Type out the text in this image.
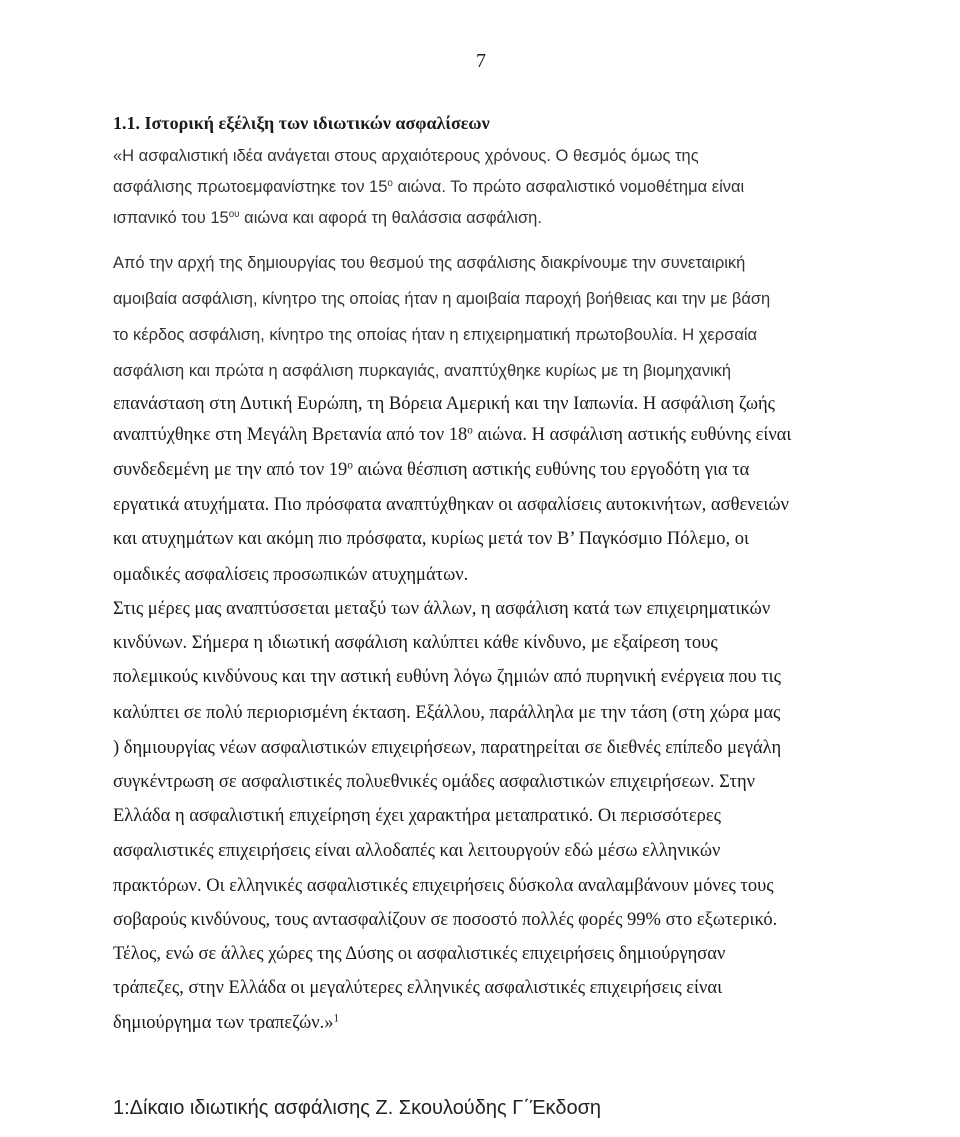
7
1.1. Ιστορική εξέλιξη των ιδιωτικών ασφαλίσεων
«Η ασφαλιστική ιδέα ανάγεται στους αρχαιότερους χρόνους. Ο θεσμός όμως της
ασφάλισης πρωτοεμφανίστηκε τον $15^o$ αιώνα. Το πρώτο ασφαλιστικό νομοθέτημα είναι
ισπανικό του $15^{o\upsilon}$ αιώνα και αφορά τη θαλάσσια ασφάλιση.
Από την αρχή της δημιουργίας του θεσμού της ασφάλισης διακρίνουμε την συνεταιρική
αμοιβαία ασφάλιση, κίνητρο της οποίας ήταν η αμοιβαία παροχή βοήθειας και την με βάση
το κέρδος ασφάλιση, κίνητρο της οποίας ήταν η επιχειρηματική πρωτοβουλία. Η χερσαία
ασφάλιση και πρώτα η ασφάλιση πυρκαγιάς, αναπτύχθηκε κυρίως με τη βιομηχανική
επανάσταση στη Δυτική Ευρώπη, τη Βόρεια Αμερική και την Ιαπωνία. Η ασφάλιση ζωής
αναπτύχθηκε στη Μεγάλη Βρετανία από τον $18^o$ αιώνα. Η ασφάλιση αστικής ευθύνης είναι
συνδεδεμένη με την από τον $19^o$ αιώνα θέσπιση αστικής ευθύνης του εργοδότη για τα
εργατικά ατυχήματα. Πιο πρόσφατα αναπτύχθηκαν οι ασφαλίσεις αυτοκινήτων, ασθενειών
και ατυχημάτων και ακόμη πιο πρόσφατα, κυρίως μετά τον Β’ Παγκόσμιο Πόλεμο, οι
ομαδικές ασφαλίσεις προσωπικών ατυχημάτων.
Στις μέρες μας αναπτύσσεται μεταξύ των άλλων, η ασφάλιση κατά των επιχειρηματικών
κινδύνων. Σήμερα η ιδιωτική ασφάλιση καλύπτει κάθε κίνδυνο, με εξαίρεση τους
πολεμικούς κινδύνους και την αστική ευθύνη λόγω ζημιών από πυρηνική ενέργεια που τις
καλύπτει σε πολύ περιορισμένη έκταση. Εξάλλου, παράλληλα με την τάση (στη χώρα μας
) δημιουργίας νέων ασφαλιστικών επιχειρήσεων, παρατηρείται σε διεθνές επίπεδο μεγάλη
συγκέντρωση σε ασφαλιστικές πολυεθνικές ομάδες ασφαλιστικών επιχειρήσεων. Στην
Ελλάδα η ασφαλιστική επιχείρηση έχει χαρακτήρα μεταπρατικό. Οι περισσότερες
ασφαλιστικές επιχειρήσεις είναι αλλοδαπές και λειτουργούν εδώ μέσω ελληνικών
πρακτόρων. Οι ελληνικές ασφαλιστικές επιχειρήσεις δύσκολα αναλαμβάνουν μόνες τους
σοβαρούς κινδύνους, τους αντασφαλίζουν σε ποσοστό πολλές φορές 99% στο εξωτερικό.
Τέλος, ενώ σε άλλες χώρες της Δύσης οι ασφαλιστικές επιχειρήσεις δημιούργησαν
τράπεζες, στην Ελλάδα οι μεγαλύτερες ελληνικές ασφαλιστικές επιχειρήσεις είναι
δημιούργημα των τραπεζών.»$^1$
1:Δίκαιο ιδιωτικής ασφάλισης Ζ. Σκουλούδης Γ΄Έκδοση
